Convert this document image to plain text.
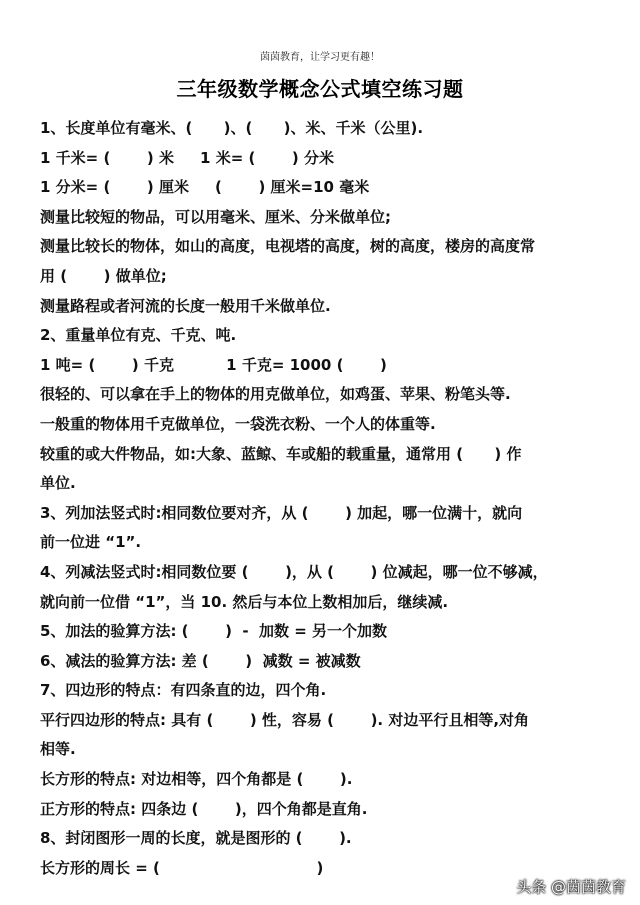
茵茵教育，让学习更有趣！
三年级数学概念公式填空练习题
1、长度单位有毫米、(      )、(      )、米、千米（公里).
1 千米= (       ) 米     1 米= (       ) 分米
1 分米= (       ) 厘米     (       ) 厘米=10 毫米
测量比较短的物品，可以用毫米、厘米、分米做单位;
测量比较长的物体，如山的高度，电视塔的高度，树的高度，楼房的高度常
用 (       ) 做单位;
测量路程或者河流的长度一般用千米做单位.
2、重量单位有克、千克、吨.
1 吨= (       ) 千克          1 千克= 1000 (       )
很轻的、可以拿在手上的物体的用克做单位，如鸡蛋、苹果、粉笔头等.
一般重的物体用千克做单位，一袋洗衣粉、一个人的体重等.
较重的或大件物品，如:大象、蓝鲸、车或船的载重量，通常用 (      ) 作
单位.
3、列加法竖式时:相同数位要对齐，从 (       ) 加起，哪一位满十，就向
前一位进 “1”.
4、列减法竖式时:相同数位要 (       )，从 (       ) 位减起，哪一位不够减，
就向前一位借 “1”，当 10. 然后与本位上数相加后，继续减.
5、加法的验算方法: (       )  -  加数 = 另一个加数
6、减法的验算方法: 差 (       )  减数 = 被减数
7、四边形的特点：有四条直的边，四个角.
平行四边形的特点: 具有 (       ) 性，容易 (       ). 对边平行且相等,对角
相等.
长方形的特点: 对边相等，四个角都是 (       ).
正方形的特点: 四条边 (       )，四个角都是直角.
8、封闭图形一周的长度，就是图形的 (       ).
长方形的周长 = (                              )
头条 @茵茵教育
